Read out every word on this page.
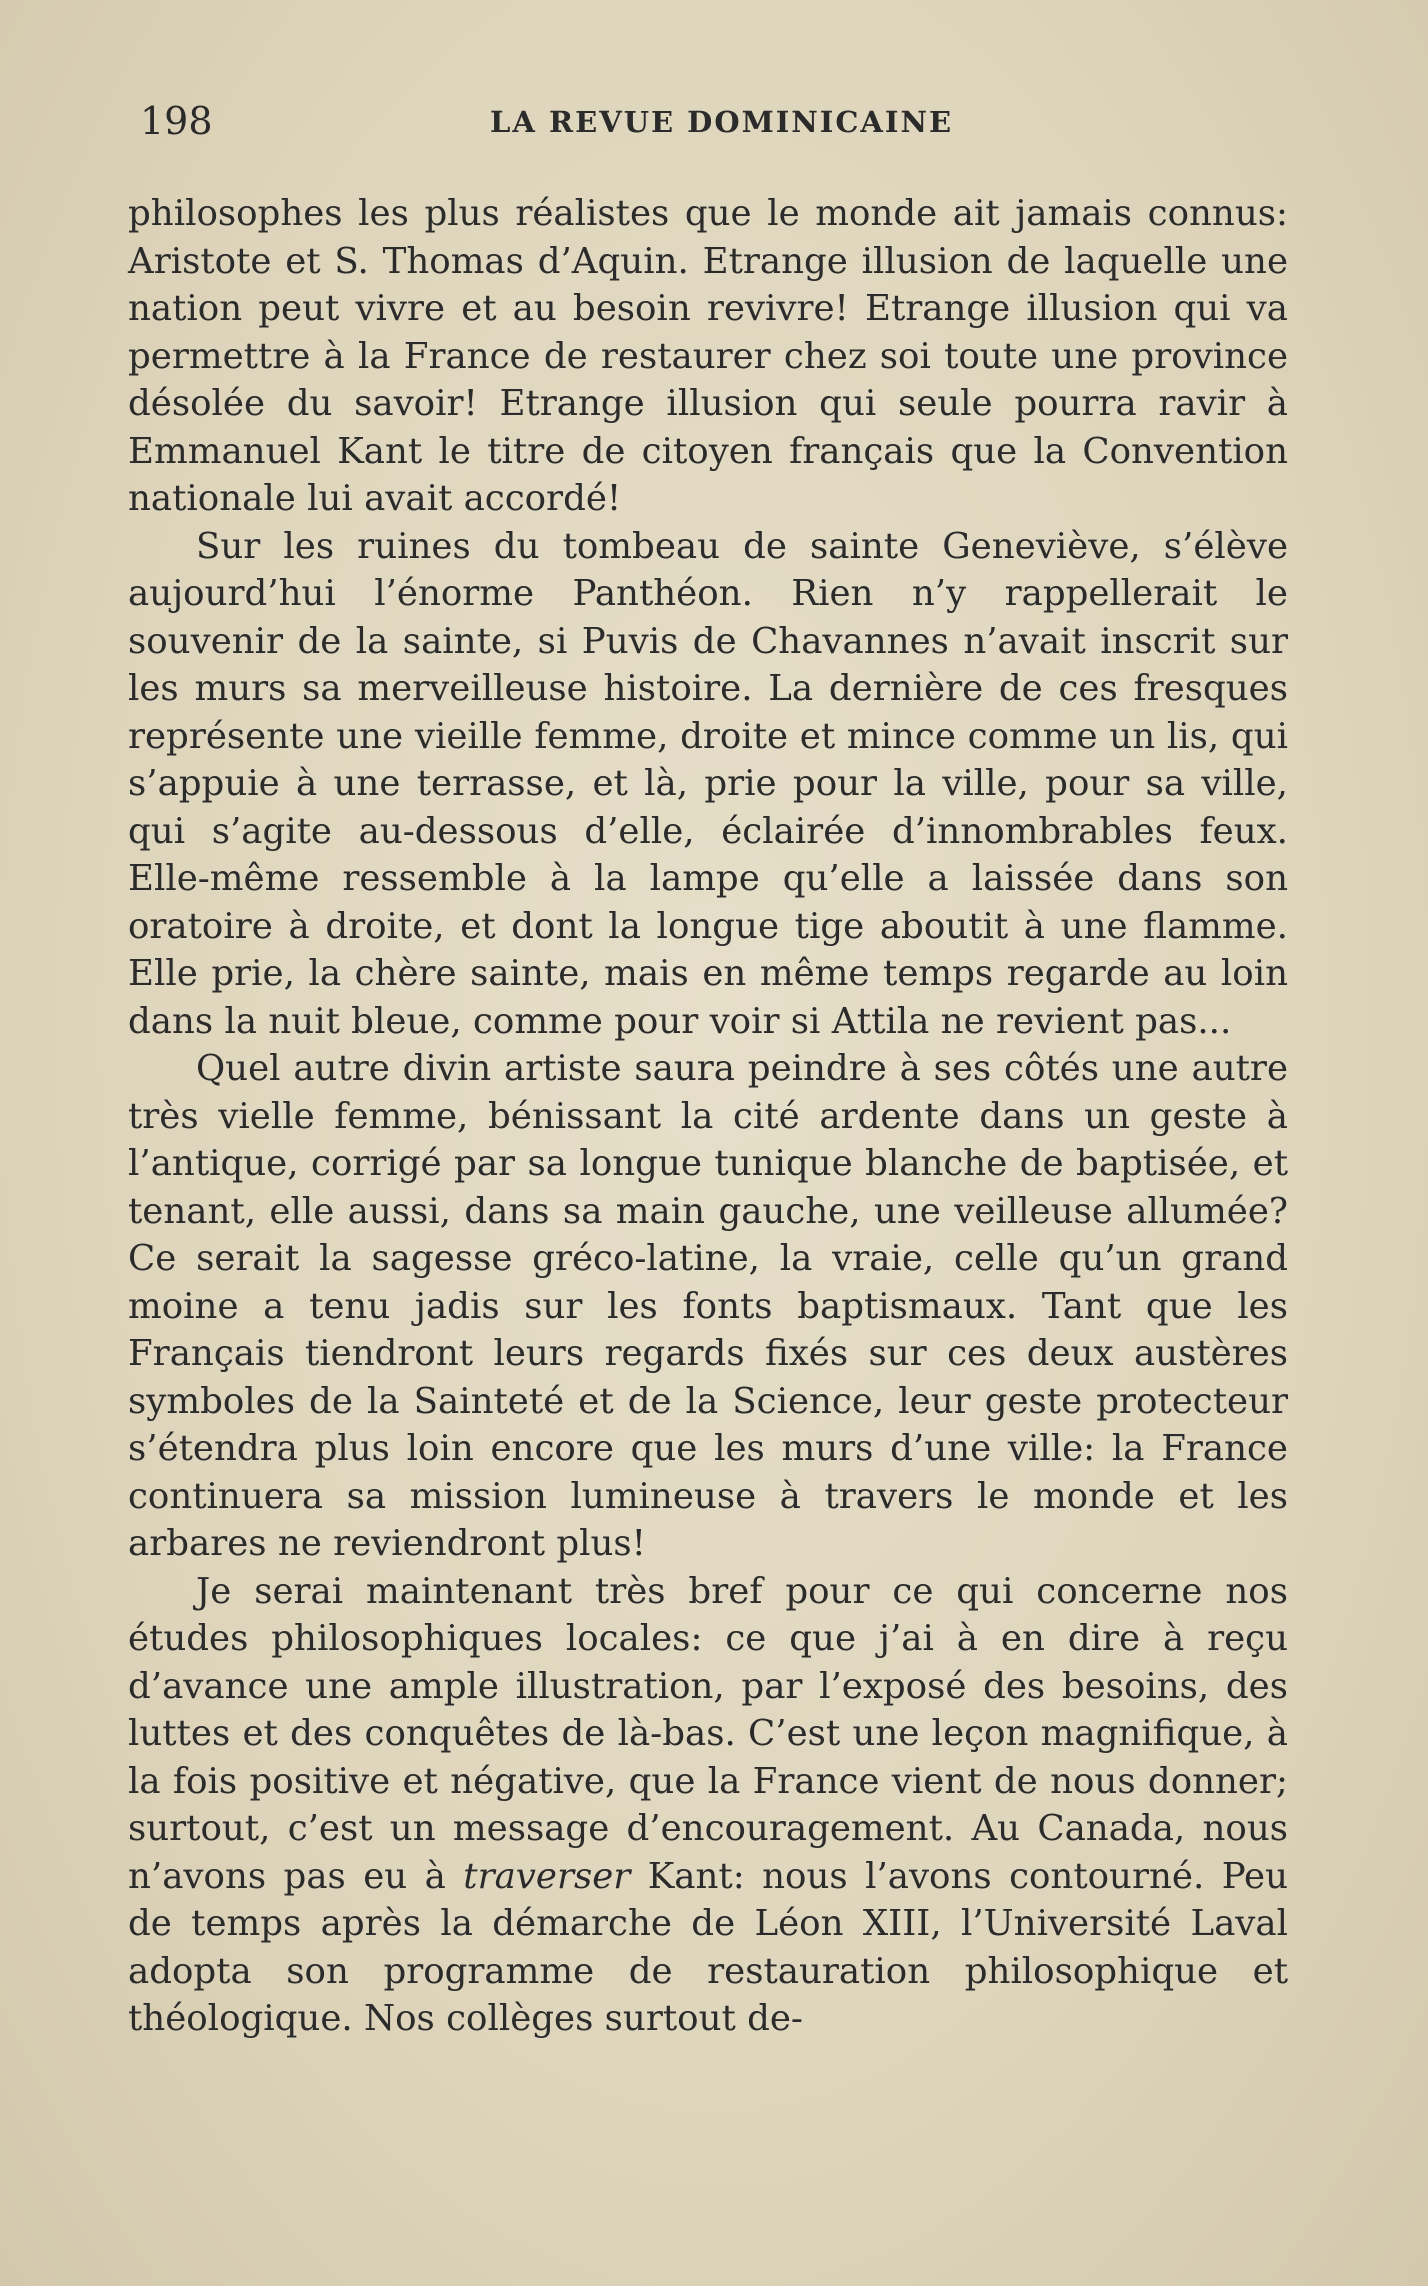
198	LA REVUE DOMINICAINE

philosophes les plus réalistes que le monde ait jamais connus: Aristote et S. Thomas d’Aquin. Etrange illusion de laquelle une nation peut vivre et au besoin revivre! Etrange illusion qui va permettre à la France de restaurer chez soi toute une province désolée du savoir! Etrange illusion qui seule pourra ravir à Emmanuel Kant le titre de citoyen français que la Convention nationale lui avait accordé!

Sur les ruines du tombeau de sainte Geneviève, s’élève aujourd’hui l’énorme Panthéon. Rien n’y rappellerait le souvenir de la sainte, si Puvis de Chavannes n’avait inscrit sur les murs sa merveilleuse histoire. La dernière de ces fresques représente une vieille femme, droite et mince comme un lis, qui s’appuie à une terrasse, et là, prie pour la ville, pour sa ville, qui s’agite au-dessous d’elle, éclairée d’innombrables feux. Elle-même ressemble à la lampe qu’elle a laissée dans son oratoire à droite, et dont la longue tige aboutit à une flamme. Elle prie, la chère sainte, mais en même temps regarde au loin dans la nuit bleue, comme pour voir si Attila ne revient pas...

Quel autre divin artiste saura peindre à ses côtés une autre très vielle femme, bénissant la cité ardente dans un geste à l’antique, corrigé par sa longue tunique blanche de baptisée, et tenant, elle aussi, dans sa main gauche, une veilleuse allumée? Ce serait la sagesse gréco-latine, la vraie, celle qu’un grand moine a tenu jadis sur les fonts baptismaux. Tant que les Français tiendront leurs regards fixés sur ces deux austères symboles de la Sainteté et de la Science, leur geste protecteur s’étendra plus loin encore que les murs d’une ville: la France continuera sa mission lumineuse à travers le monde et les arbares ne reviendront plus!

Je serai maintenant très bref pour ce qui concerne nos études philosophiques locales: ce que j’ai à en dire à reçu d’avance une ample illustration, par l’exposé des besoins, des luttes et des conquêtes de là-bas. C’est une leçon magnifique, à la fois positive et négative, que la France vient de nous donner; surtout, c’est un message d’encouragement. Au Canada, nous n’avons pas eu à traverser Kant: nous l’avons contourné. Peu de temps après la démarche de Léon XIII, l’Université Laval adopta son programme de restauration philosophique et théologique. Nos collèges surtout de-
